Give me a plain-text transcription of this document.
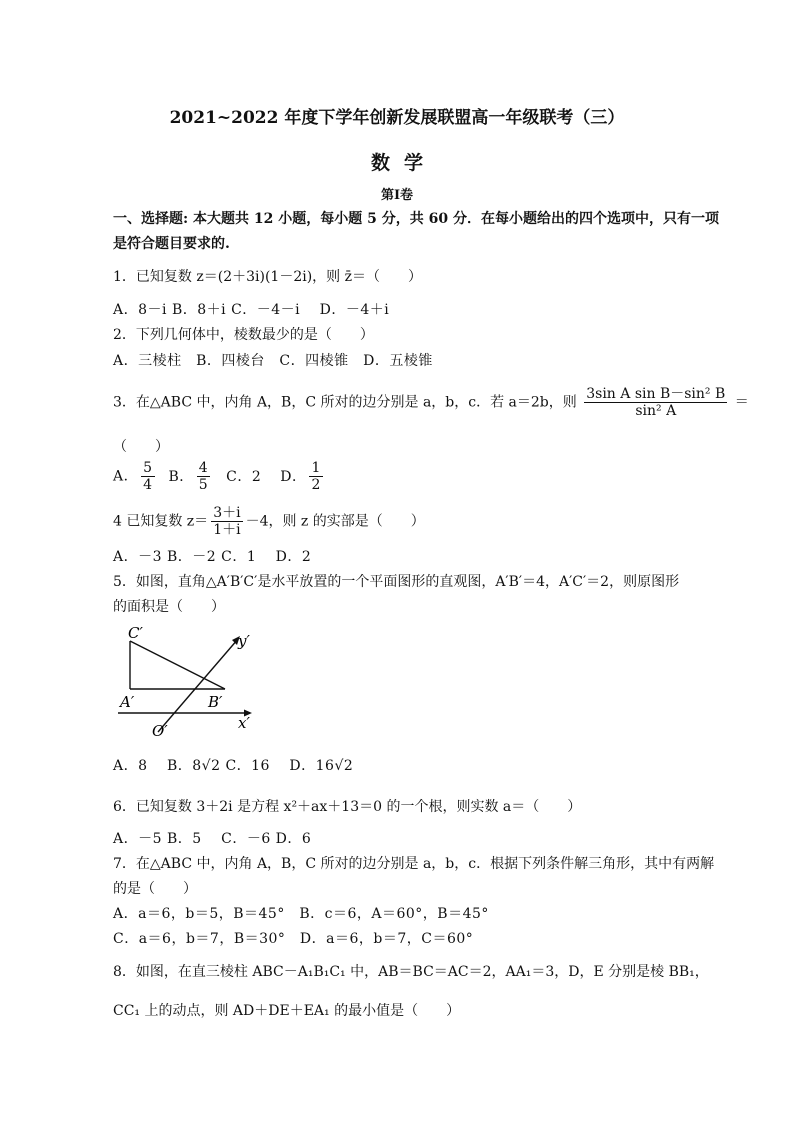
2021~2022 年度下学年创新发展联盟高一年级联考（三）
数学
第Ⅰ卷
一、选择题: 本大题共 12 小题，每小题 5 分，共 60 分．在每小题给出的四个选项中，只有一项
是符合题目要求的.
1．已知复数 z＝(2＋3i)(1－2i)，则 z̄＝（　　）
A．8－i B．8＋i C．－4－i　 D．－4＋i
2．下列几何体中，棱数最少的是（　　）
A．三棱柱　B．四棱台　C．四棱锥　D．五棱锥
3．在△ABC 中，内角 A，B，C 所对的边分别是 a，b，c．若 a＝2b，则 $\frac{\text{3sin A sin B－sin² B}}{\text{sin² A}}$ ＝
（　　）
A． $\frac{5}{4}$ B． $\frac{4}{5}$ C．2 D． $\frac{1}{2}$
4 已知复数 $z= \frac{3+i}{1+i} -4$，则 z 的实部是（　　）
A．－3 B．－2 C．1　 D．2
5．如图，直角△A′B′C′是水平放置的一个平面图形的直观图，A′B′＝4，A′C′＝2，则原图形
的面积是（　　）
C′
A′	B′
O′	x′
y′
A．8　 B．8√2 C．16　 D．16√2
6．已知复数 3＋2i 是方程 x²＋ax＋13＝0 的一个根，则实数 a＝（　　）
A．－5 B．5　 C．－6 D．6
7．在△ABC 中，内角 A，B，C 所对的边分别是 a，b，c．根据下列条件解三角形，其中有两解
的是（　　）
A．a＝6，b＝5，B＝45°　B．c＝6，A＝60°，B＝45°
C．a＝6，b＝7，B＝30°　D．a＝6，b＝7，C＝60°
8．如图，在直三棱柱 ABC－A₁B₁C₁ 中，AB＝BC＝AC＝2，AA₁＝3，D，E 分别是棱 BB₁，
CC₁ 上的动点，则 AD＋DE＋EA₁ 的最小值是（　　）
